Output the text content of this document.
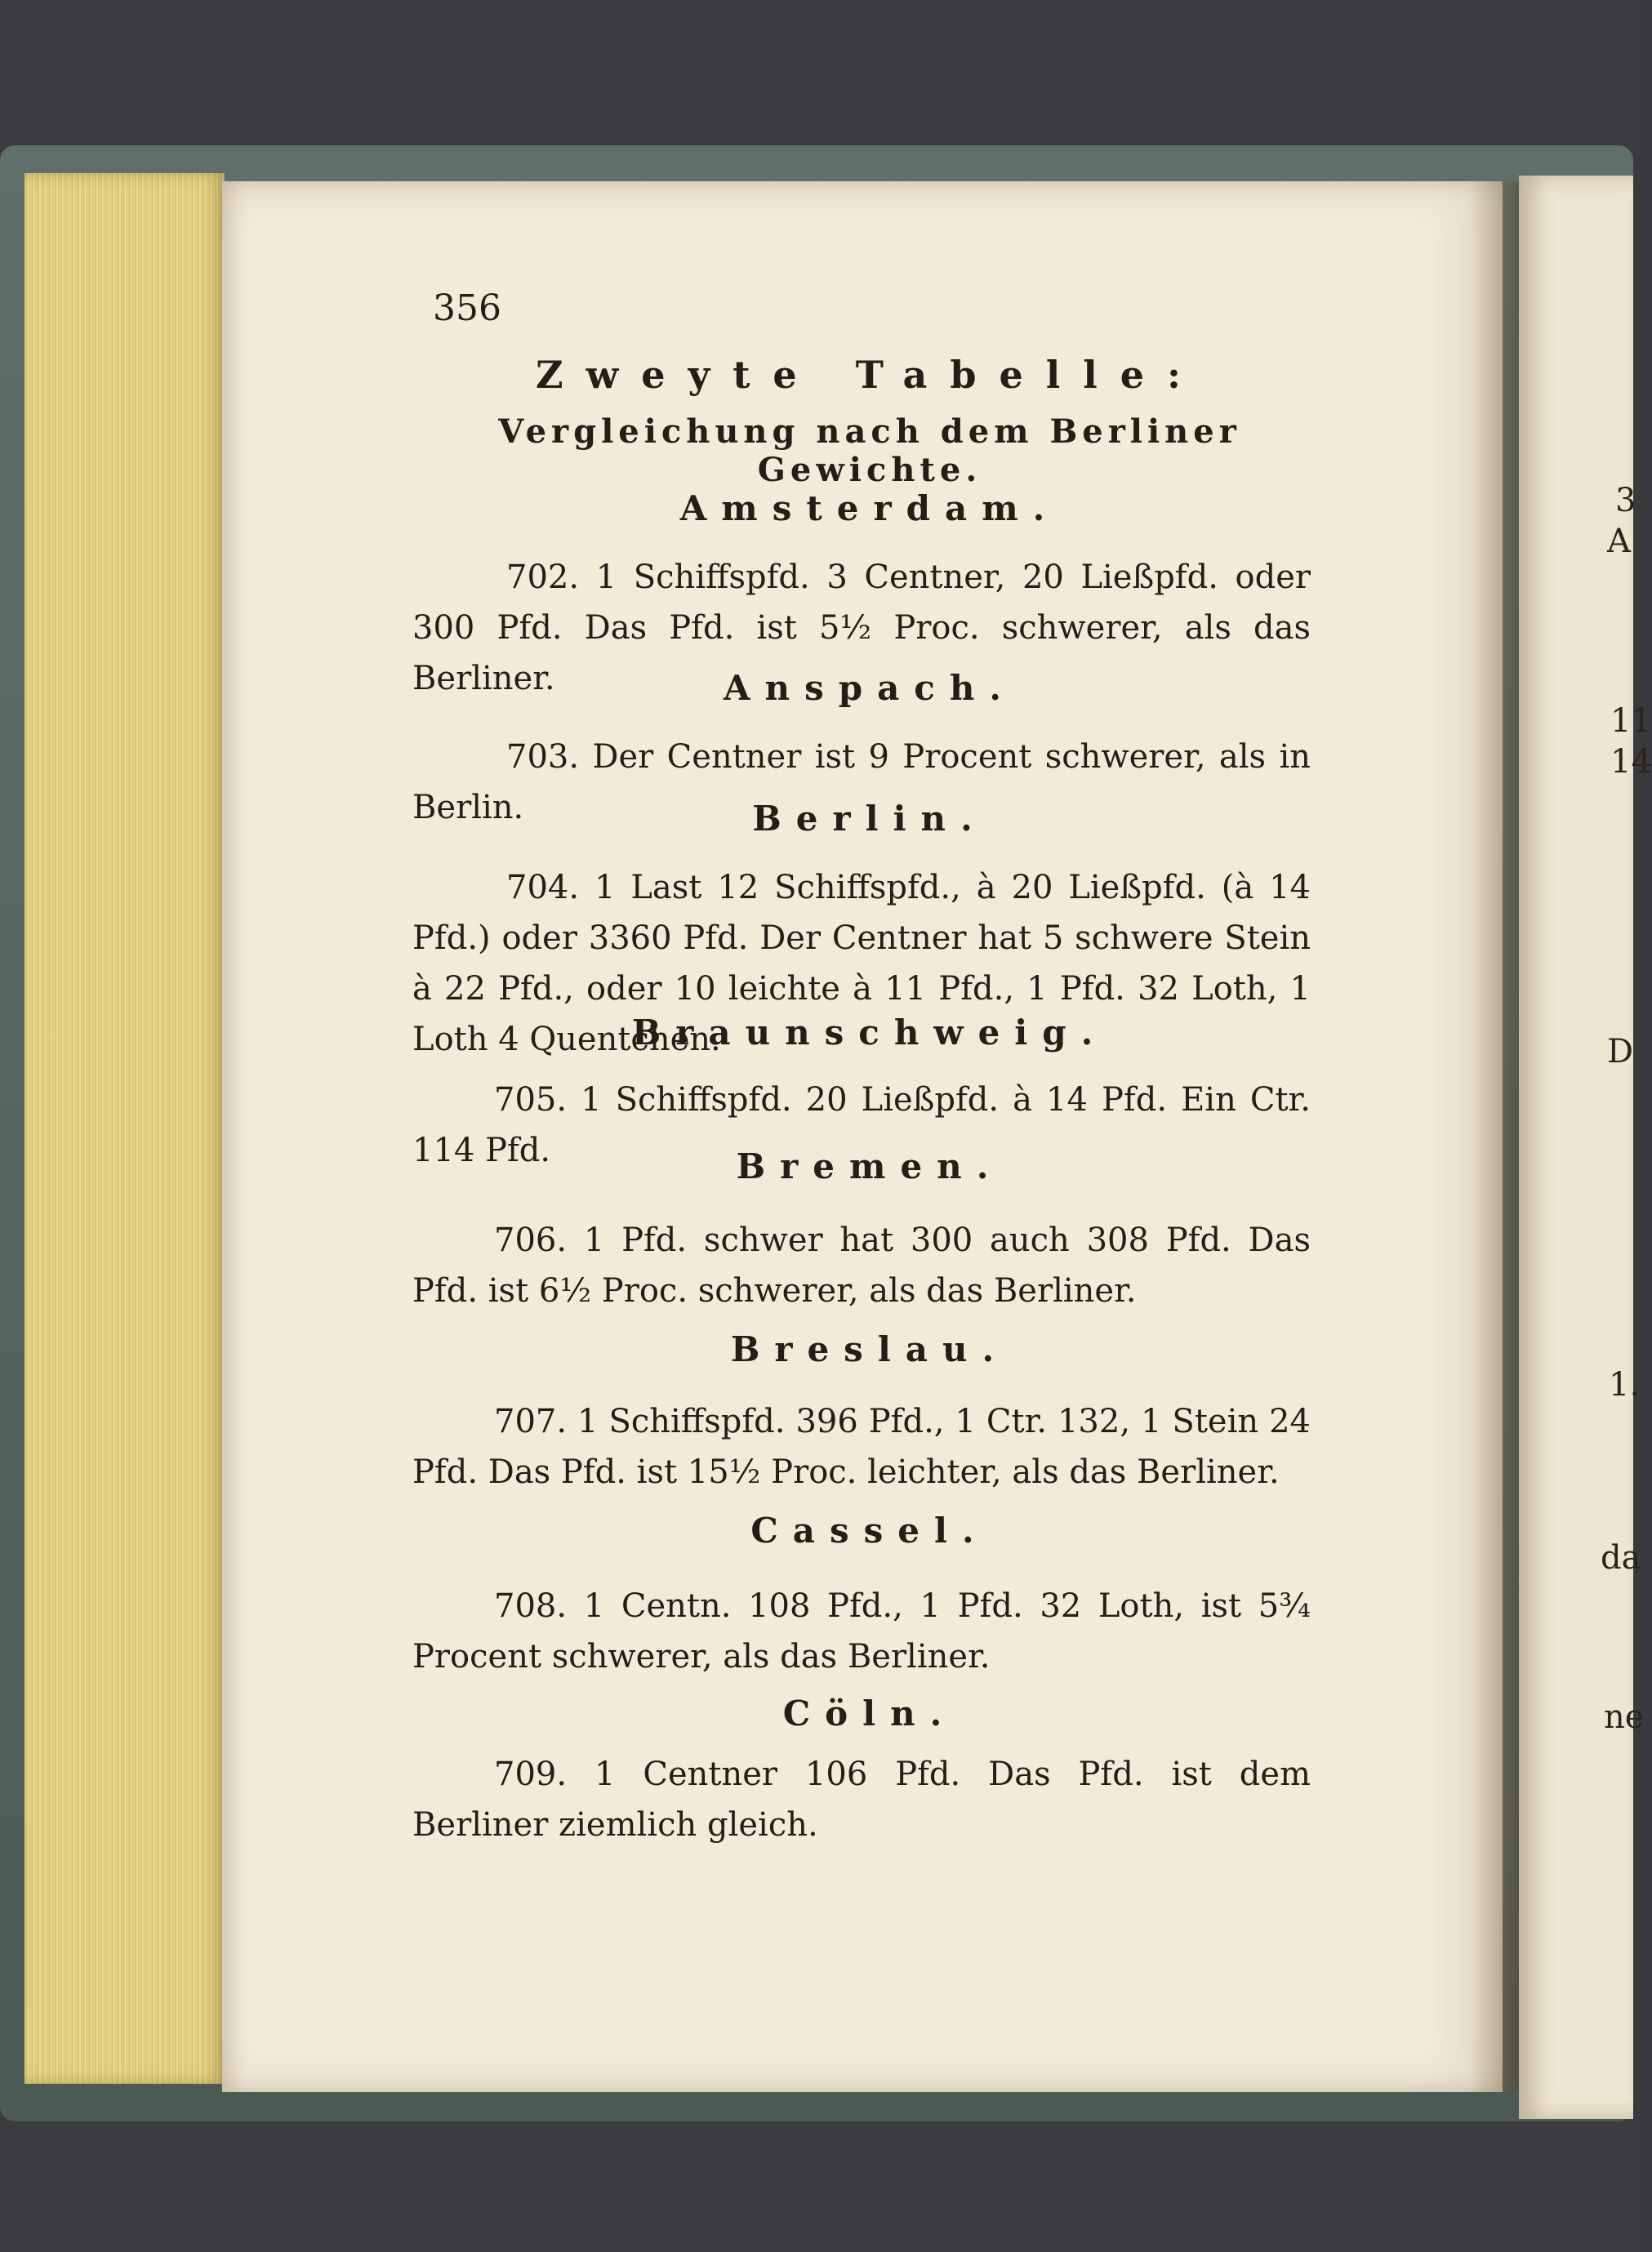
3
A
11
14
D
1.
da
ne
356
Zweyte Tabelle:
Vergleichung nach dem Berliner Gewichte.
Amsterdam.
702. 1 Schiffspfd. 3 Centner, 20 Ließpfd. oder 300 Pfd. Das Pfd. ist 5½ Proc. schwerer, als das Berliner.	Anspach.
703. Der Centner ist 9 Procent schwerer, als in Berlin.	Berlin.
704. 1 Last 12 Schiffspfd., à 20 Ließpfd. (à 14 Pfd.) oder 3360 Pfd. Der Centner hat 5 schwere Stein à 22 Pfd., oder 10 leichte à 11 Pfd., 1 Pfd. 32 Loth, 1 Loth 4 Quentchen.
Braunschweig.
705. 1 Schiffspfd. 20 Ließpfd. à 14 Pfd. Ein Ctr. 114 Pfd.	Bremen.
706. 1 Pfd. schwer hat 300 auch 308 Pfd. Das Pfd. ist 6½ Proc. schwerer, als das Berliner.
Breslau.
707. 1 Schiffspfd. 396 Pfd., 1 Ctr. 132, 1 Stein 24 Pfd. Das Pfd. ist 15½ Proc. leichter, als das Berliner.
Cassel.
708. 1 Centn. 108 Pfd., 1 Pfd. 32 Loth, ist 5¾ Procent schwerer, als das Berliner.
Cöln.
709. 1 Centner 106 Pfd. Das Pfd. ist dem Berliner ziemlich gleich.
